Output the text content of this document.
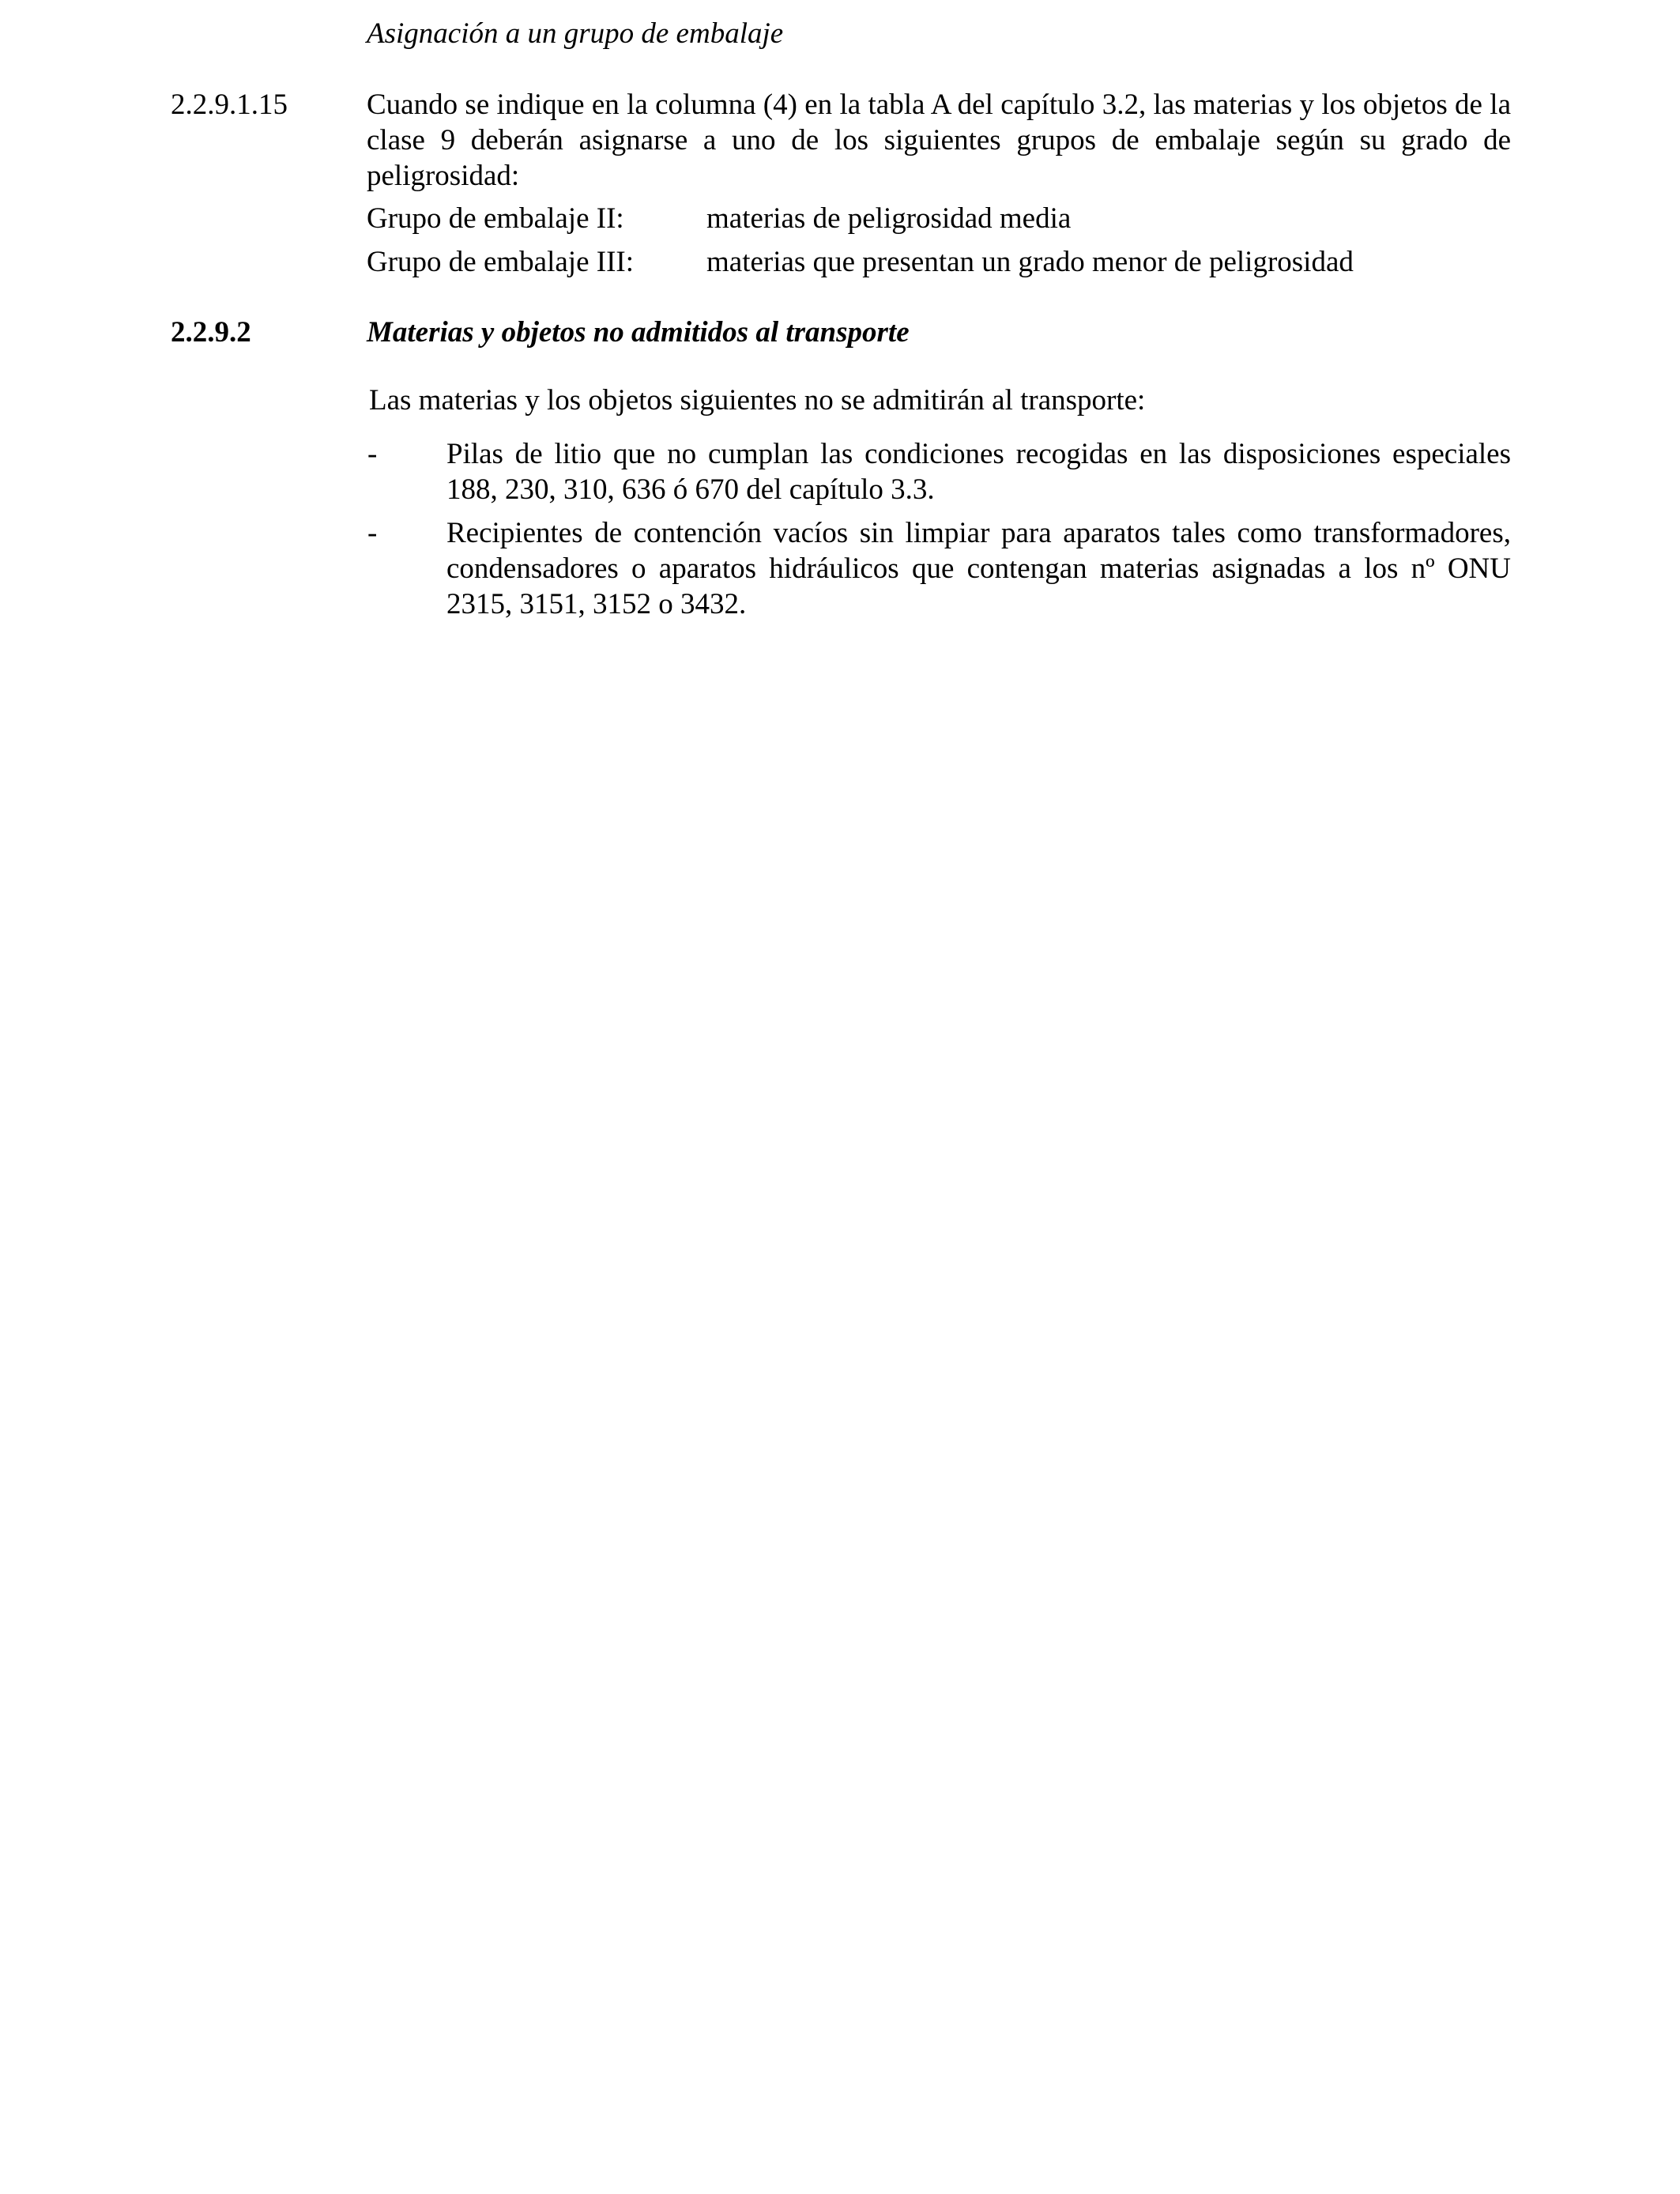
Asignación a un grupo de embalaje
2.2.9.1.15	Cuando se indique en la columna (4) en la tabla A del capítulo 3.2, las materias y los objetos de la clase 9 deberán asignarse a uno de los siguientes grupos de embalaje según su grado de peligrosidad:
Grupo de embalaje II:	materias de peligrosidad media
Grupo de embalaje III: materias que presentan un grado menor de peligrosidad
2.2.9.2	Materias y objetos no admitidos al transporte
Las materias y los objetos siguientes no se admitirán al transporte:
- Pilas de litio que no cumplan las condiciones recogidas en las disposiciones especiales 188, 230, 310, 636 ó 670 del capítulo 3.3.
- Recipientes de contención vacíos sin limpiar para aparatos tales como transformadores, condensadores o aparatos hidráulicos que contengan materias asignadas a los nº ONU 2315, 3151, 3152 o 3432.
